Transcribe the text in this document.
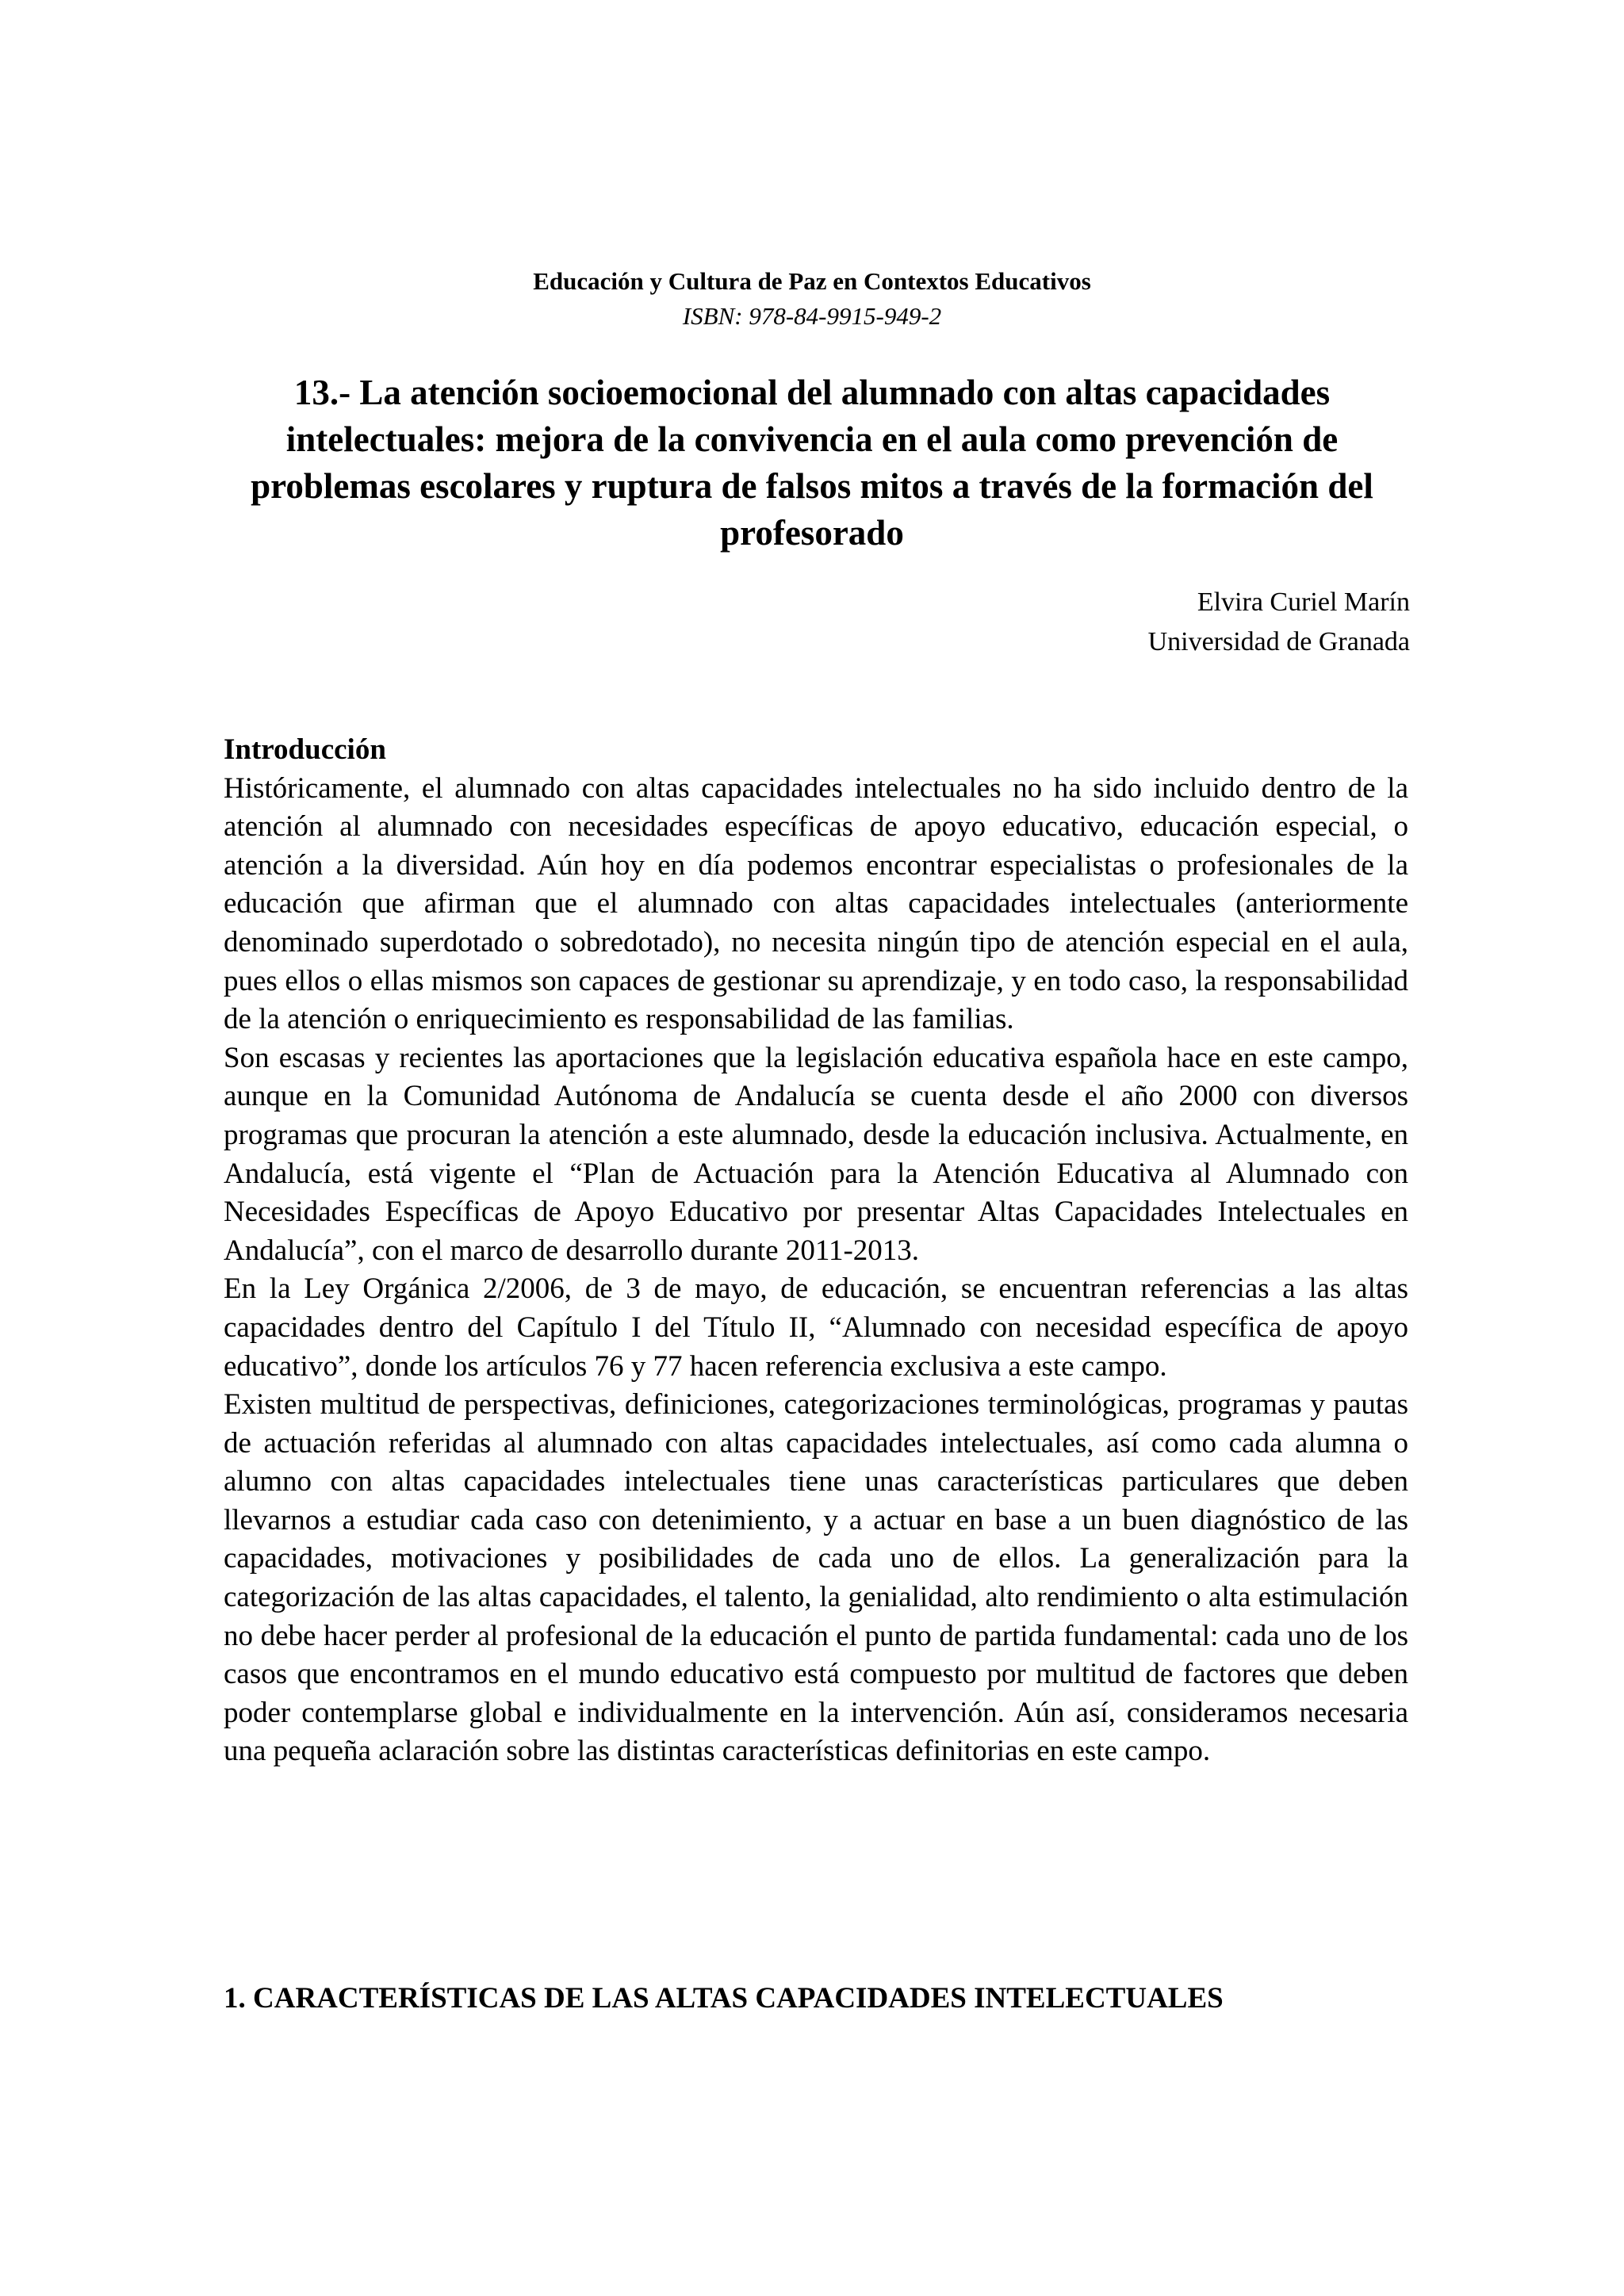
Educación y Cultura de Paz en Contextos Educativos
ISBN: 978-84-9915-949-2
13.- La atención socioemocional del alumnado con altas capacidades intelectuales: mejora de la convivencia en el aula como prevención de problemas escolares y ruptura de falsos mitos a través de la formación del profesorado
Elvira Curiel Marín
Universidad de Granada
Introducción

Históricamente, el alumnado con altas capacidades intelectuales no ha sido incluido dentro de la atención al alumnado con necesidades específicas de apoyo educativo, educación especial, o atención a la diversidad. Aún hoy en día podemos encontrar especialistas o profesionales de la educación que afirman que el alumnado con altas capacidades intelectuales (anteriormente denominado superdotado o sobredotado), no necesita ningún tipo de atención especial en el aula, pues ellos o ellas mismos son capaces de gestionar su aprendizaje, y en todo caso, la responsabilidad de la atención o enriquecimiento es responsabilidad de las familias.

Son escasas y recientes las aportaciones que la legislación educativa española hace en este campo, aunque en la Comunidad Autónoma de Andalucía se cuenta desde el año 2000 con diversos programas que procuran la atención a este alumnado, desde la educación inclusiva. Actualmente, en Andalucía, está vigente el “Plan de Actuación para la Atención Educativa al Alumnado con Necesidades Específicas de Apoyo Educativo por presentar Altas Capacidades Intelectuales en Andalucía”, con el marco de desarrollo durante 2011-2013.

En la Ley Orgánica 2/2006, de 3 de mayo, de educación, se encuentran referencias a las altas capacidades dentro del Capítulo I del Título II, “Alumnado con necesidad específica de apoyo educativo”, donde los artículos 76 y 77 hacen referencia exclusiva a este campo.

Existen multitud de perspectivas, definiciones, categorizaciones terminológicas, programas y pautas de actuación referidas al alumnado con altas capacidades intelectuales, así como cada alumna o alumno con altas capacidades intelectuales tiene unas características particulares que deben llevarnos a estudiar cada caso con detenimiento, y a actuar en base a un buen diagnóstico de las capacidades, motivaciones y posibilidades de cada uno de ellos. La generalización para la categorización de las altas capacidades, el talento, la genialidad, alto rendimiento o alta estimulación no debe hacer perder al profesional de la educación el punto de partida fundamental: cada uno de los casos que encontramos en el mundo educativo está compuesto por multitud de factores que deben poder contemplarse global e individualmente en la intervención. Aún así, consideramos necesaria una pequeña aclaración sobre las distintas características definitorias en este campo.

1. CARACTERÍSTICAS DE LAS ALTAS CAPACIDADES INTELECTUALES
